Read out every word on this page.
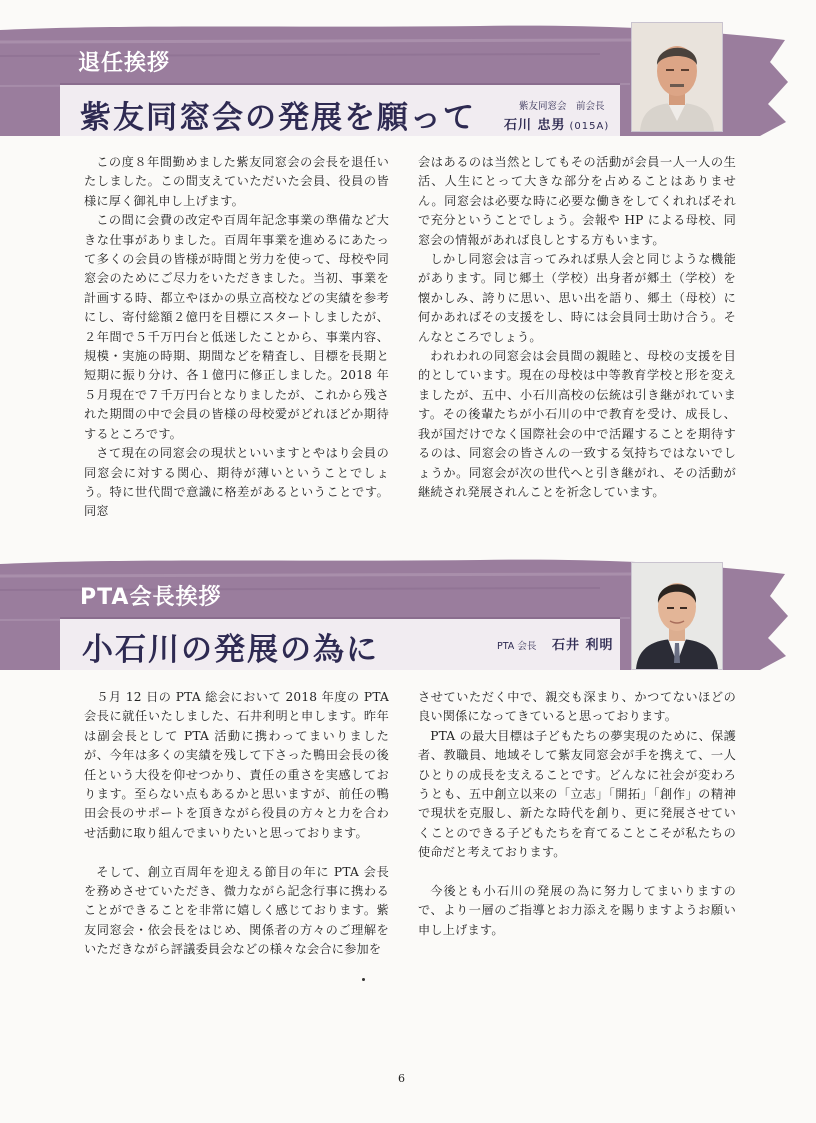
退任挨拶
紫友同窓会の発展を願って	紫友同窓会　前会長
石川 忠男 (015A)

この度８年間勤めました紫友同窓会の会長を退任いたしました。この間支えていただいた会員、役員の皆様に厚く御礼申し上げます。

この間に会費の改定や百周年記念事業の準備など大きな仕事がありました。百周年事業を進めるにあたって多くの会員の皆様が時間と労力を使って、母校や同窓会のためにご尽力をいただきました。当初、事業を計画する時、都立やほかの県立高校などの実績を参考にし、寄付総額２億円を目標にスタートしましたが、２年間で５千万円台と低迷したことから、事業内容、規模・実施の時期、期間などを精査し、目標を長期と短期に振り分け、各１億円に修正しました。2018 年５月現在で７千万円台となりましたが、これから残された期間の中で会員の皆様の母校愛がどれほどか期待するところです。

さて現在の同窓会の現状といいますとやはり会員の同窓会に対する関心、期待が薄いということでしょう。特に世代間で意識に格差があるということです。同窓

会はあるのは当然としてもその活動が会員一人一人の生活、人生にとって大きな部分を占めることはありません。同窓会は必要な時に必要な働きをしてくれればそれで充分ということでしょう。会報や HP による母校、同窓会の情報があれば良しとする方もいます。

しかし同窓会は言ってみれば県人会と同じような機能があります。同じ郷土（学校）出身者が郷土（学校）を懐かしみ、誇りに思い、思い出を語り、郷土（母校）に何かあればその支援をし、時には会員同士助け合う。そんなところでしょう。

われわれの同窓会は会員間の親睦と、母校の支援を目的としています。現在の母校は中等教育学校と形を変えましたが、五中、小石川高校の伝統は引き継がれています。その後輩たちが小石川の中で教育を受け、成長し、我が国だけでなく国際社会の中で活躍することを期待するのは、同窓会の皆さんの一致する気持ちではないでしょうか。同窓会が次の世代へと引き継がれ、その活動が継続され発展されんことを祈念しています。

PTA会長挨拶
小石川の発展の為に	PTA 会長 石井 利明

５月 12 日の PTA 総会において 2018 年度の PTA 会長に就任いたしました、石井利明と申します。昨年は副会長として PTA 活動に携わってまいりましたが、今年は多くの実績を残して下さった鴨田会長の後任という大役を仰せつかり、責任の重さを実感しております。至らない点もあるかと思いますが、前任の鴨田会長のサポートを頂きながら役員の方々と力を合わせ活動に取り組んでまいりたいと思っております。

そして、創立百周年を迎える節目の年に PTA 会長を務めさせていただき、微力ながら記念行事に携わることができることを非常に嬉しく感じております。紫友同窓会・依会長をはじめ、関係者の方々のご理解をいただきながら評議委員会などの様々な会合に参加を

させていただく中で、親交も深まり、かつてないほどの良い関係になってきていると思っております。

PTA の最大目標は子どもたちの夢実現のために、保護者、教職員、地域そして紫友同窓会が手を携えて、一人ひとりの成長を支えることです。どんなに社会が変わろうとも、五中創立以来の「立志」「開拓」「創作」の精神で現状を克服し、新たな時代を創り、更に発展させていくことのできる子どもたちを育てることこそが私たちの使命だと考えております。

今後とも小石川の発展の為に努力してまいりますので、より一層のご指導とお力添えを賜りますようお願い申し上げます。

6
